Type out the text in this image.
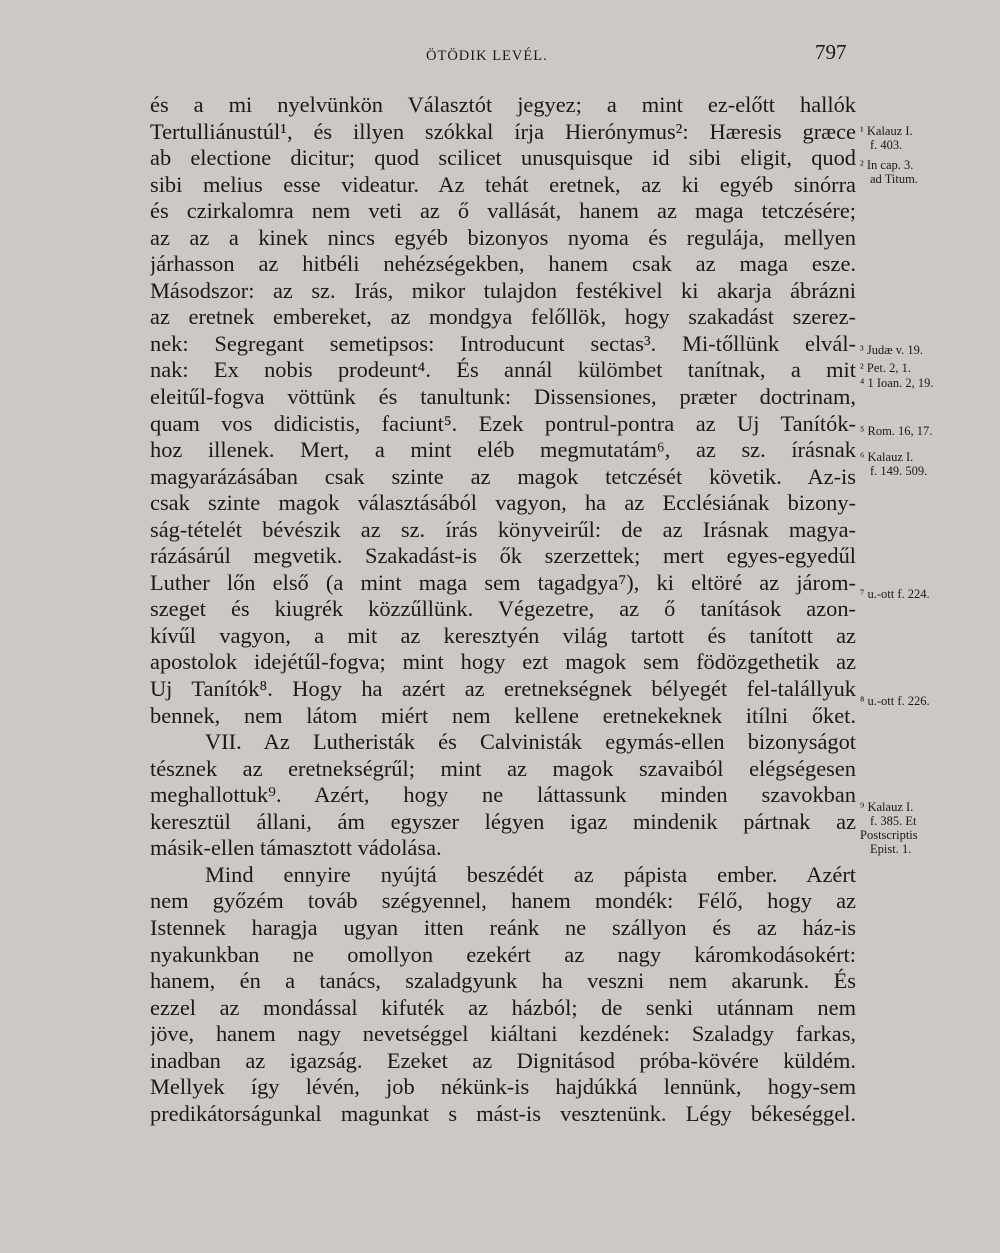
ÖTÖDIK LEVÉL.	797
és a mi nyelvünkön Választót jegyez; a mint ez-előtt hallók
Tertulliánustúl¹, és illyen szókkal írja Hierónymus²: Hæresis græce
ab electione dicitur; quod scilicet unusquisque id sibi eligit, quod
sibi melius esse videatur. Az tehát eretnek, az ki egyéb sinórra
és czirkalomra nem veti az ő vallását, hanem az maga tetczésére;
az az a kinek nincs egyéb bizonyos nyoma és regulája, mellyen
járhasson az hitbéli nehézségekben, hanem csak az maga esze.
Másodszor: az sz. Irás, mikor tulajdon festékivel ki akarja ábrázni
az eretnek embereket, az mondgya felőllök, hogy szakadást szerez-
nek: Segregant semetipsos: Introducunt sectas³. Mi-tőllünk elvál-
nak: Ex nobis prodeunt⁴. És annál külömbet tanítnak, a mit
eleitűl-fogva vöttünk és tanultunk: Dissensiones, præter doctrinam,
quam vos didicistis, faciunt⁵. Ezek pontrul-pontra az Uj Tanítók-
hoz illenek. Mert, a mint eléb megmutatám⁶, az sz. írásnak
magyarázásában csak szinte az magok tetczését követik. Az-is
csak szinte magok választásából vagyon, ha az Ecclésiának bizony-
ság-tételét bévészik az sz. írás könyveirűl: de az Irásnak magya-
rázásárúl megvetik. Szakadást-is ők szerzettek; mert egyes-egyedűl
Luther lőn első (a mint maga sem tagadgya⁷), ki eltöré az járom-
szeget és kiugrék közzűllünk. Végezetre, az ő tanítások azon-
kívűl vagyon, a mit az keresztyén világ tartott és tanított az
apostolok idejétűl-fogva; mint hogy ezt magok sem födözgethetik az
Uj Tanítók⁸. Hogy ha azért az eretnekségnek bélyegét fel-talállyuk
bennek, nem látom miért nem kellene eretnekeknek itílni őket.
VII. Az Lutheristák és Calvinisták egymás-ellen bizonyságot
tésznek az eretnekségrűl; mint az magok szavaiból elégségesen
meghallottuk⁹. Azért, hogy ne láttassunk minden szavokban
keresztül állani, ám egyszer légyen igaz mindenik pártnak az
másik-ellen támasztott vádolása.
Mind ennyire nyújtá beszédét az pápista ember. Azért
nem győzém továb szégyennel, hanem mondék: Félő, hogy az
Istennek haragja ugyan itten reánk ne szállyon és az ház-is
nyakunkban ne omollyon ezekért az nagy káromkodásokért:
hanem, én a tanács, szaladgyunk ha veszni nem akarunk. És
ezzel az mondással kifuték az házból; de senki utánnam nem
jöve, hanem nagy nevetséggel kiáltani kezdének: Szaladgy farkas,
inadban az igazság. Ezeket az Dignitásod próba-kövére küldém.
Mellyek így lévén, job nékünk-is hajdúkká lennünk, hogy-sem
predikátorságunkal magunkat s mást-is vesztenünk. Légy békeséggel.
¹ Kalauz I.
f. 403.
² In cap. 3.
ad Titum.
³ Judæ v. 19.
² Pet. 2, 1.
⁴ 1 Ioan. 2, 19.
⁵ Rom. 16, 17.
⁶ Kalauz I.
f. 149. 509.
⁷ u.-ott f. 224.
⁸ u.-ott f. 226.
⁹ Kalauz I.
f. 385. Et
Postscriptis
Epist. 1.
